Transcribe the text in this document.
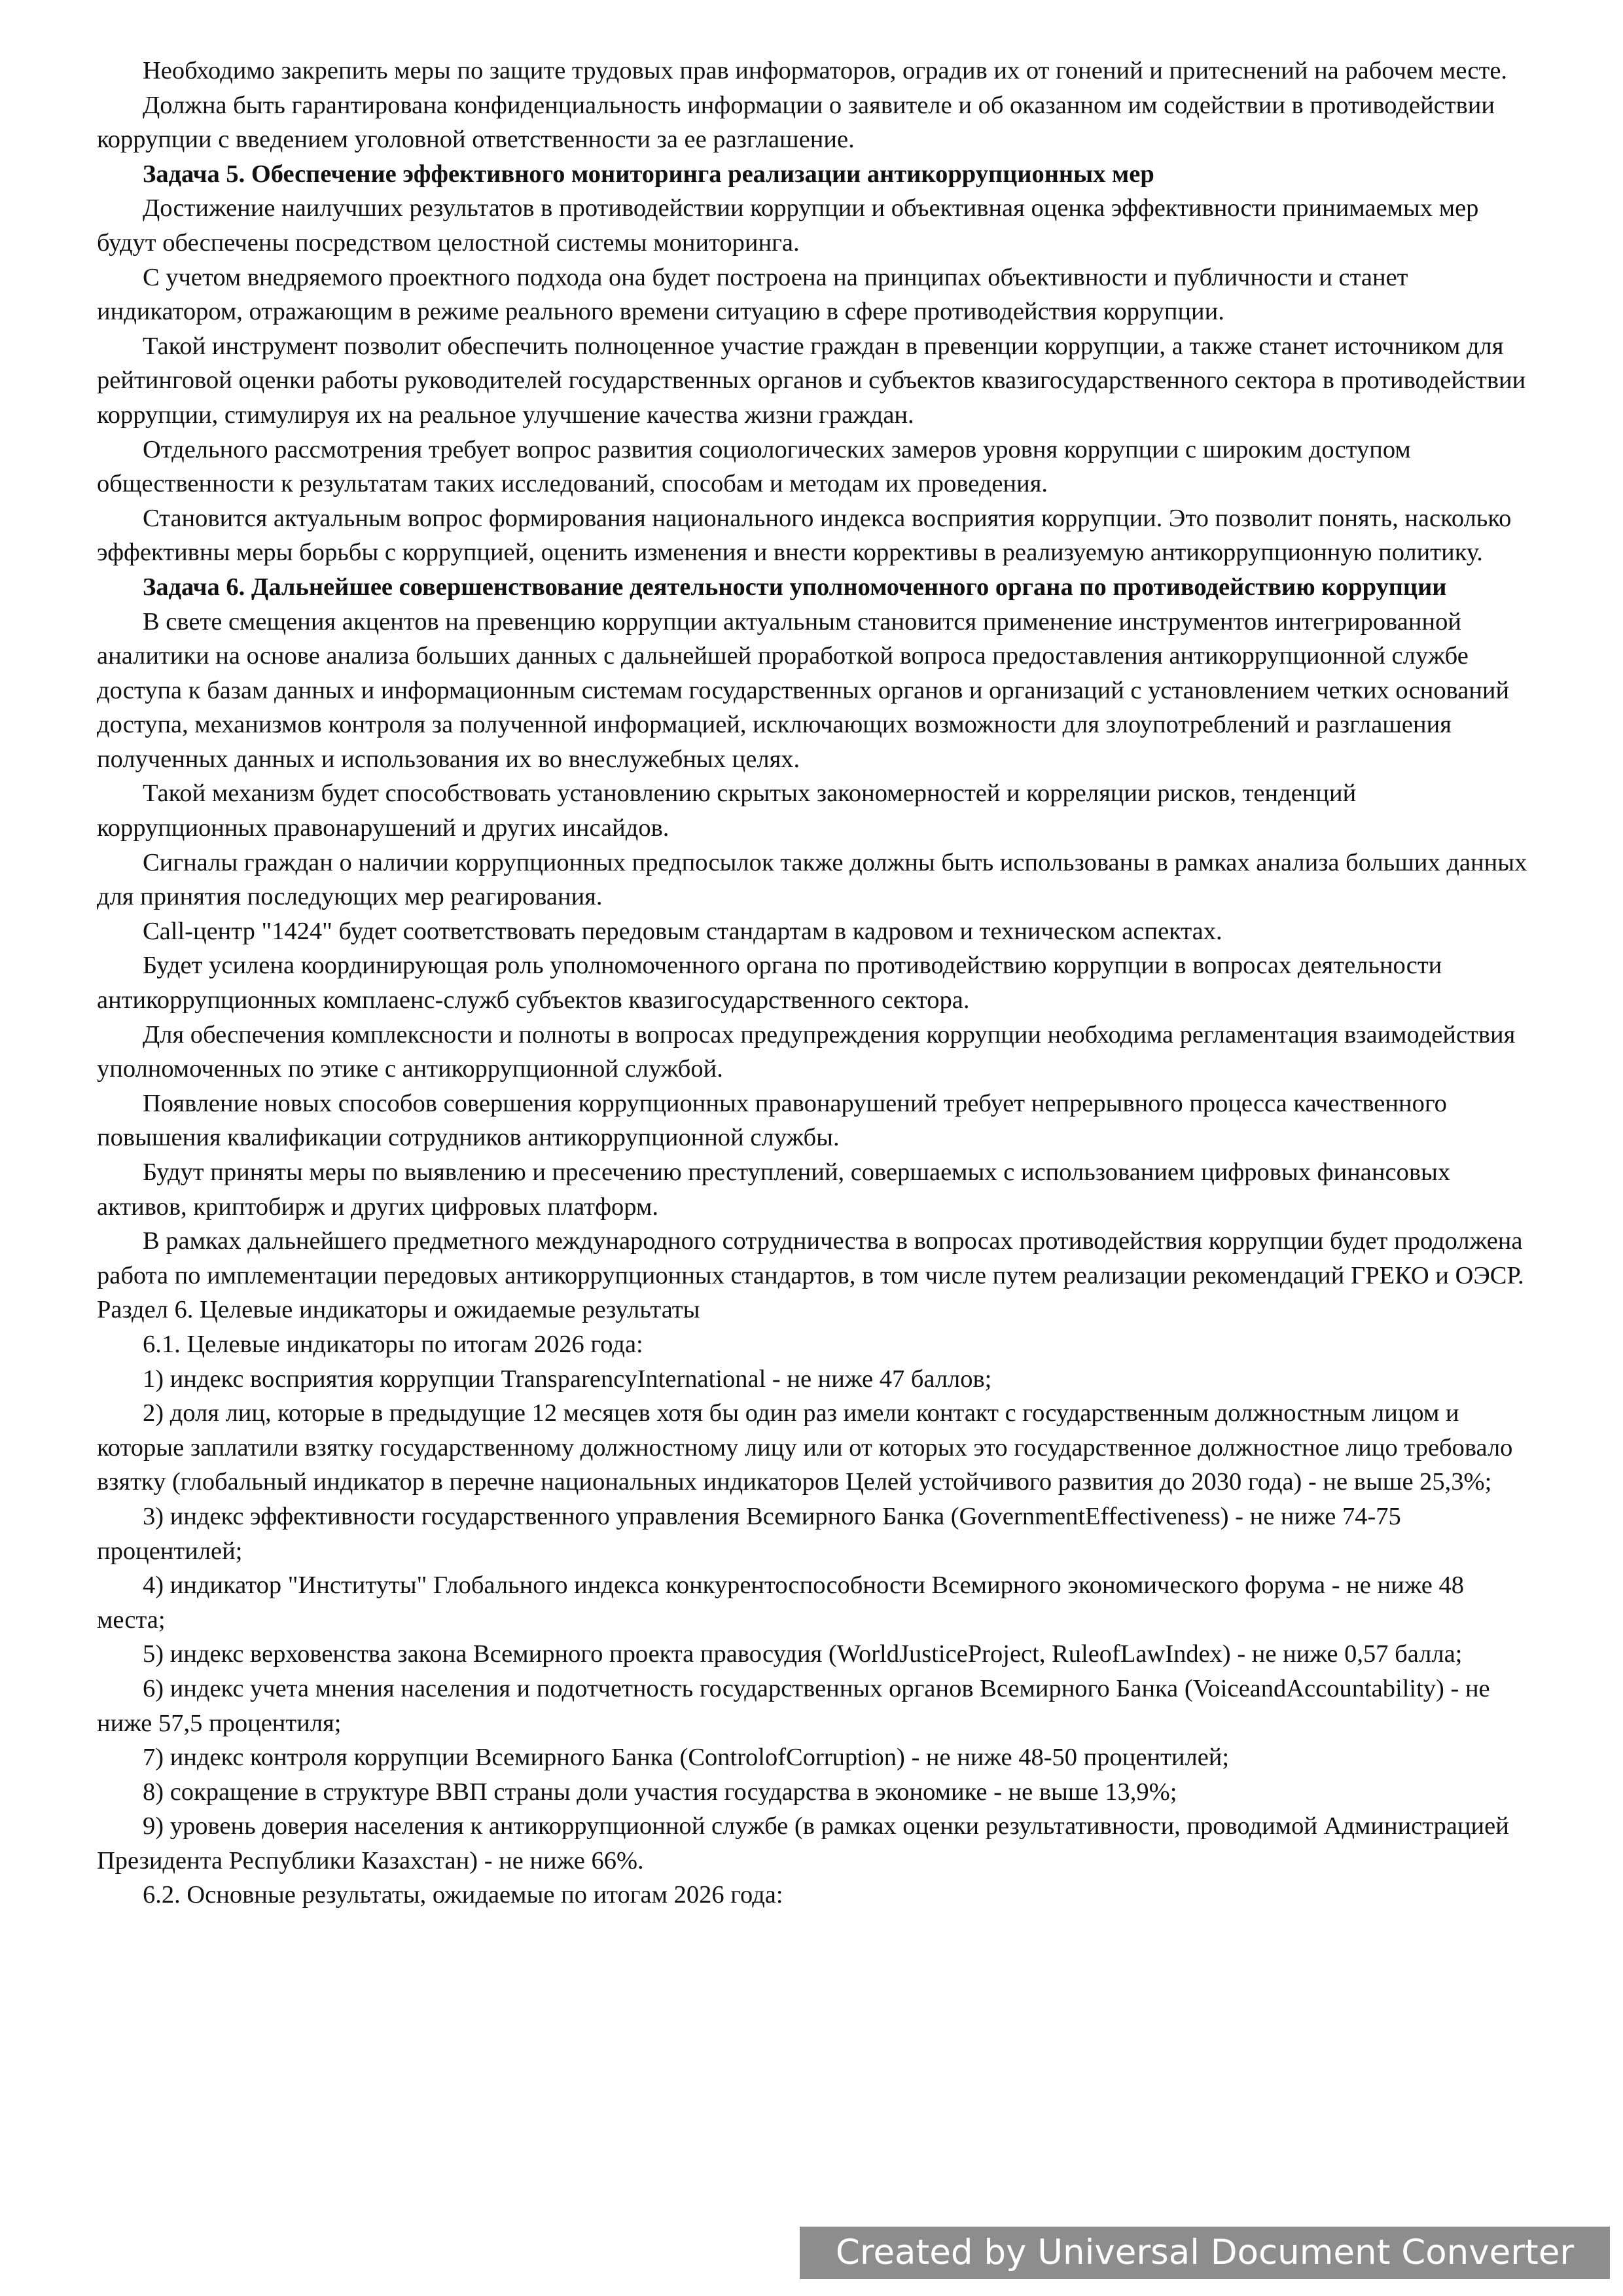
Необходимо закрепить меры по защите трудовых прав информаторов, оградив их от гонений и притеснений на рабочем месте.

Должна быть гарантирована конфиденциальность информации о заявителе и об оказанном им содействии в противодействии коррупции с введением уголовной ответственности за ее разглашение.

Задача 5. Обеспечение эффективного мониторинга реализации антикоррупционных мер

Достижение наилучших результатов в противодействии коррупции и объективная оценка эффективности принимаемых мер будут обеспечены посредством целостной системы мониторинга.

С учетом внедряемого проектного подхода она будет построена на принципах объективности и публичности и станет индикатором, отражающим в режиме реального времени ситуацию в сфере противодействия коррупции.

Такой инструмент позволит обеспечить полноценное участие граждан в превенции коррупции, а также станет источником для рейтинговой оценки работы руководителей государственных органов и субъектов квазигосударственного сектора в противодействии коррупции, стимулируя их на реальное улучшение качества жизни граждан.

Отдельного рассмотрения требует вопрос развития социологических замеров уровня коррупции с широким доступом общественности к результатам таких исследований, способам и методам их проведения.

Становится актуальным вопрос формирования национального индекса восприятия коррупции. Это позволит понять, насколько эффективны меры борьбы с коррупцией, оценить изменения и внести коррективы в реализуемую антикоррупционную политику.

Задача 6. Дальнейшее совершенствование деятельности уполномоченного органа по противодействию коррупции

В свете смещения акцентов на превенцию коррупции актуальным становится применение инструментов интегрированной аналитики на основе анализа больших данных с дальнейшей проработкой вопроса предоставления антикоррупционной службе доступа к базам данных и информационным системам государственных органов и организаций с установлением четких оснований доступа, механизмов контроля за полученной информацией, исключающих возможности для злоупотреблений и разглашения полученных данных и использования их во внеслужебных целях.

Такой механизм будет способствовать установлению скрытых закономерностей и корреляции рисков, тенденций коррупционных правонарушений и других инсайдов.

Сигналы граждан о наличии коррупционных предпосылок также должны быть использованы в рамках анализа больших данных для принятия последующих мер реагирования.

Call-центр "1424" будет соответствовать передовым стандартам в кадровом и техническом аспектах.

Будет усилена координирующая роль уполномоченного органа по противодействию коррупции в вопросах деятельности антикоррупционных комплаенс-служб субъектов квазигосударственного сектора.

Для обеспечения комплексности и полноты в вопросах предупреждения коррупции необходима регламентация взаимодействия уполномоченных по этике с антикоррупционной службой.

Появление новых способов совершения коррупционных правонарушений требует непрерывного процесса качественного повышения квалификации сотрудников антикоррупционной службы.

Будут приняты меры по выявлению и пресечению преступлений, совершаемых с использованием цифровых финансовых активов, криптобирж и других цифровых платформ.

В рамках дальнейшего предметного международного сотрудничества в вопросах противодействия коррупции будет продолжена работа по имплементации передовых антикоррупционных стандартов, в том числе путем реализации рекомендаций ГРЕКО и ОЭСР.

Раздел 6. Целевые индикаторы и ожидаемые результаты

6.1. Целевые индикаторы по итогам 2026 года:

1) индекс восприятия коррупции TransparencyInternational - не ниже 47 баллов;

2) доля лиц, которые в предыдущие 12 месяцев хотя бы один раз имели контакт с государственным должностным лицом и которые заплатили взятку государственному должностному лицу или от которых это государственное должностное лицо требовало взятку (глобальный индикатор в перечне национальных индикаторов Целей устойчивого развития до 2030 года) - не выше 25,3%;

3) индекс эффективности государственного управления Всемирного Банка (GovernmentEffectiveness) - не ниже 74-75 процентилей;

4) индикатор "Институты" Глобального индекса конкурентоспособности Всемирного экономического форума - не ниже 48 места;

5) индекс верховенства закона Всемирного проекта правосудия (WorldJusticeProject, RuleofLawIndex) - не ниже 0,57 балла;

6) индекс учета мнения населения и подотчетность государственных органов Всемирного Банка (VoiceandAccountability) - не ниже 57,5 процентиля;

7) индекс контроля коррупции Всемирного Банка (ControlofCorruption) - не ниже 48-50 процентилей;

8) сокращение в структуре ВВП страны доли участия государства в экономике - не выше 13,9%;

9) уровень доверия населения к антикоррупционной службе (в рамках оценки результативности, проводимой Администрацией Президента Республики Казахстан) - не ниже 66%.

6.2. Основные результаты, ожидаемые по итогам 2026 года:

Created by Universal Document Converter
